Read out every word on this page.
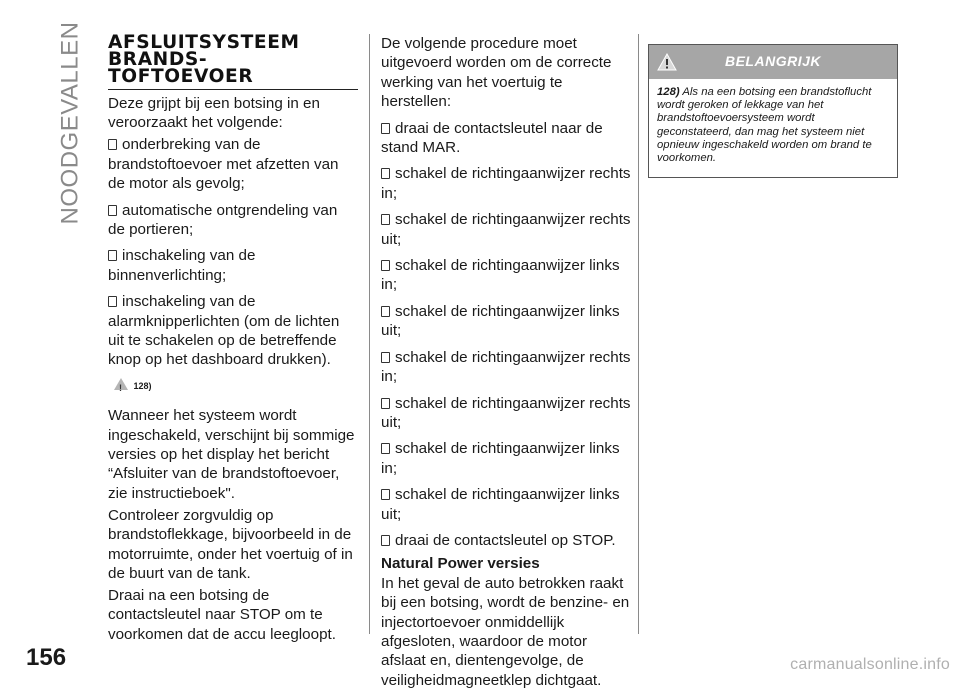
NOODGEVALLEN AFSLUITSYSTEEM
BRANDS-
TOFTOEVOER

Deze grijpt bij een botsing in en veroorzaakt het volgende:

onderbreking van de brandstoftoevoer met afzetten van de motor als gevolg;
automatische ontgrendeling van de portieren;
inschakeling van de binnenverlichting;
inschakeling van de alarmknipperlichten (om de lichten uit te schakelen op de betreffende knop op het dashboard drukken).
! 128)

Wanneer het systeem wordt ingeschakeld, verschijnt bij sommige versies op het display het bericht “Afsluiter van de brandstoftoevoer, zie instructieboek".

Controleer zorgvuldig op brandstoflekkage, bijvoorbeeld in de motorruimte, onder het voertuig of in de buurt van de tank.

Draai na een botsing de contactsleutel naar STOP om te voorkomen dat de accu leegloopt.

De volgende procedure moet uitgevoerd worden om de correcte werking van het voertuig te herstellen:

draai de contactsleutel naar de stand MAR.
schakel de richtingaanwijzer rechts in;
schakel de richtingaanwijzer rechts uit;
schakel de richtingaanwijzer links in;
schakel de richtingaanwijzer links uit;
schakel de richtingaanwijzer rechts in;
schakel de richtingaanwijzer rechts uit;
schakel de richtingaanwijzer links in;
schakel de richtingaanwijzer links uit;
draai de contactsleutel op STOP.
Natural Power versies

In het geval de auto betrokken raakt bij een botsing, wordt de benzine- en injectortoevoer onmiddellijk afgesloten, waardoor de motor afslaat en, dientengevolge, de veiligheidmagneetklep dichtgaat.

BELANGRIJK
128) Als na een botsing een brandstoflucht wordt geroken of lekkage van het brandstoftoevoersysteem wordt geconstateerd, dan mag het systeem niet opnieuw ingeschakeld worden om brand te voorkomen.
156	carmanualsonline.info
